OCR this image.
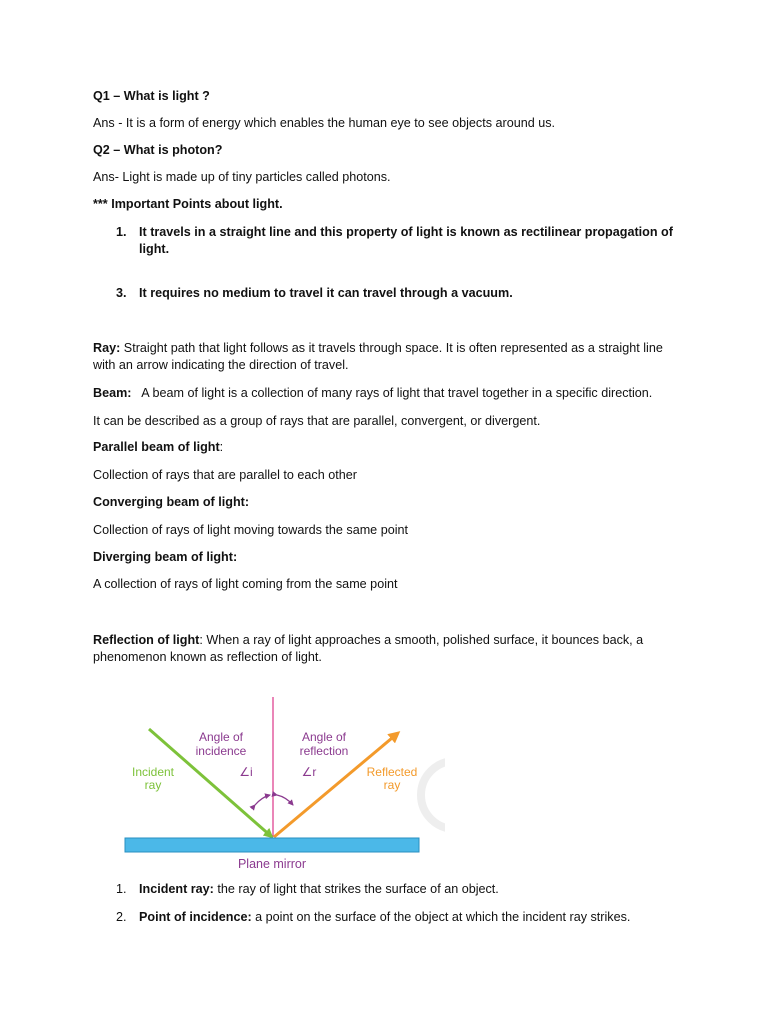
Q1 – What is light ?

Ans - It is a form of energy which enables the human eye to see objects around us.

Q2 – What is photon?

Ans- Light is made up of tiny particles called photons.

*** Important Points about light.

1. It travels in a straight line and this property of light is known as rectilinear propagation of light.
3. It requires no medium to travel it can travel through a vacuum.

Ray: Straight path that light follows as it travels through space. It is often represented as a straight line with an arrow indicating the direction of travel.

Beam:   A beam of light is a collection of many rays of light that travel together in a specific direction.

It can be described as a group of rays that are parallel, convergent, or divergent.

Parallel beam of light:

Collection of rays that are parallel to each other

Converging beam of light:

Collection of rays of light moving towards the same point

Diverging beam of light:

A collection of rays of light coming from the same point

Reflection of light: When a ray of light approaches a smooth, polished surface, it bounces back, a phenomenon known as reflection of light.

Angle of
incidence
Angle of
reflection
Incident
ray
Reflected
ray
∠i	∠r
Plane mirror
1. Incident ray: the ray of light that strikes the surface of an object.
2. Point of incidence: a point on the surface of the object at which the incident ray strikes.
